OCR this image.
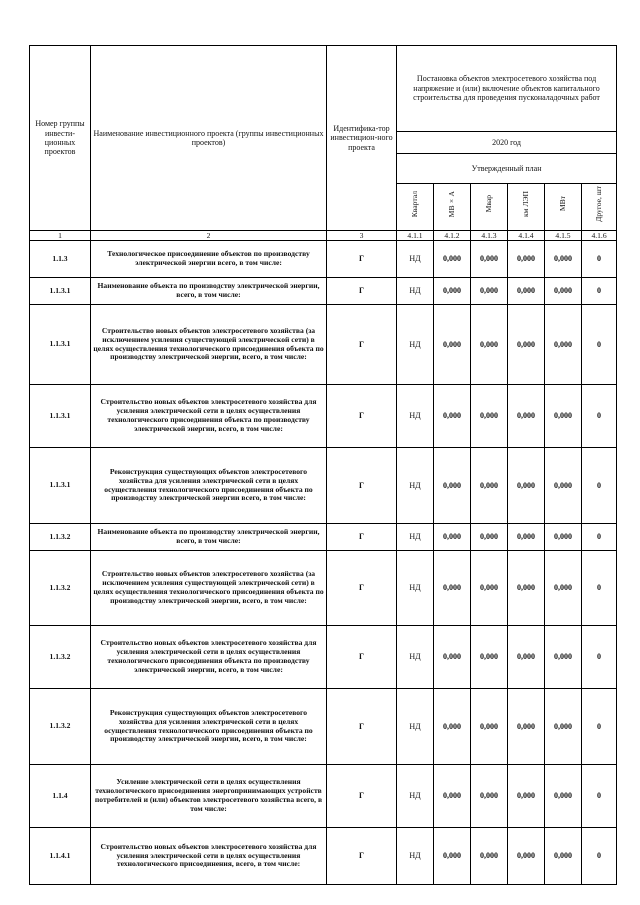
Номер группы инвести-ционных проектов	Наименование инвестиционного проекта (группы инвестиционных проектов)	Идентифика-тор инвестицион-ного проекта	Постановка объектов электросетевого хозяйства под напряжение и (или) включение объектов капитального строительства для проведения пусконаладочных работ					
			2020 год					
			Утвержденный план					
			Квартал	МВ×А	Мвар	км ЛЭП	МВт	Другое, шт
1	2	3	4.1.1	4.1.2	4.1.3	4.1.4	4.1.5	4.1.6
1.1.3	Технологическое присоединение объектов по производству электрической энергии всего, в том числе:	Г	НД	0,000	0,000	0,000	0,000	0
1.1.3.1	Наименование объекта по производству электрической энергии, всего, в том числе:	Г	НД	0,000	0,000	0,000	0,000	0
1.1.3.1	Строительство новых объектов электросетевого хозяйства (за исключением усиления существующей электрической сети) в целях осуществления технологического присоединения объекта по производству электрической энергии, всего, в том числе:	Г	НД	0,000	0,000	0,000	0,000	0
1.1.3.1	Строительство новых объектов электросетевого хозяйства для усиления электрической сети в целях осуществления технологического присоединения объекта по производству электрической энергии, всего, в том числе:	Г	НД	0,000	0,000	0,000	0,000	0
1.1.3.1	Реконструкция существующих объектов электросетевого хозяйства для усиления электрической сети в целях осуществления технологического присоединения объекта по производству электрической энергии всего, в том числе:	Г	НД	0,000	0,000	0,000	0,000	0
1.1.3.2	Наименование объекта по производству электрической энергии, всего, в том числе:	Г	НД	0,000	0,000	0,000	0,000	0
1.1.3.2	Строительство новых объектов электросетевого хозяйства (за исключением усиления существующей электрической сети) в целях осуществления технологического присоединения объекта по производству электрической энергии, всего, в том числе:	Г	НД	0,000	0,000	0,000	0,000	0
1.1.3.2	Строительство новых объектов электросетевого хозяйства для усиления электрической сети в целях осуществления технологического присоединения объекта по производству электрической энергии, всего, в том числе:	Г	НД	0,000	0,000	0,000	0,000	0
1.1.3.2	Реконструкция существующих объектов электросетевого хозяйства для усиления электрической сети в целях осуществления технологического присоединения объекта по производству электрической энергии, всего, в том числе:	Г	НД	0,000	0,000	0,000	0,000	0
1.1.4	Усиление электрической сети в целях осуществления технологического присоединения энергопринимающих устройств потребителей и (или) объектов электросетевого хозяйства всего, в том числе:	Г	НД	0,000	0,000	0,000	0,000	0
1.1.4.1	Строительство новых объектов электросетевого хозяйства для усиления электрической сети в целях осуществления технологического присоединения, всего, в том числе:	Г	НД	0,000	0,000	0,000	0,000	0
